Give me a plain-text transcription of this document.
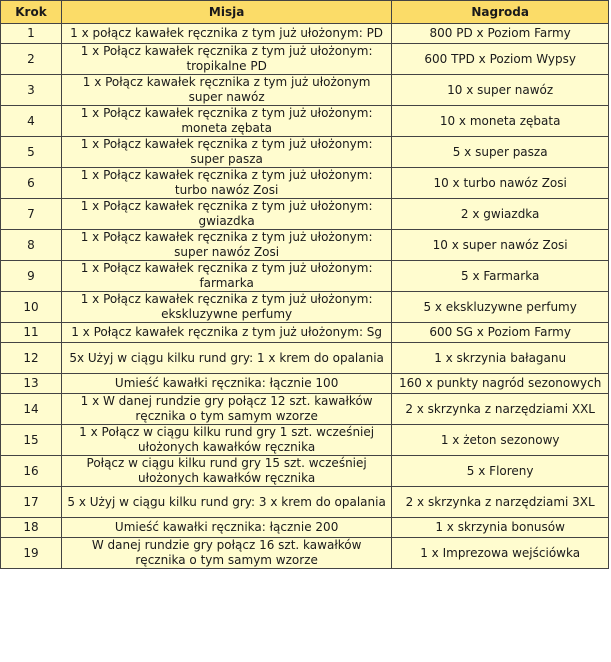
Krok	Misja	Nagroda
1	1 x połącz kawałek ręcznika z tym już ułożonym: PD	800 PD x Poziom Farmy
2	1 x Połącz kawałek ręcznika z tym już ułożonym: tropikalne PD	600 TPD x Poziom Wypsy
3	1 x Połącz kawałek ręcznika z tym już ułożonym super nawóz	10 x super nawóz
4	1 x Połącz kawałek ręcznika z tym już ułożonym: moneta zębata	10 x moneta zębata
5	1 x Połącz kawałek ręcznika z tym już ułożonym: super pasza	5 x super pasza
6	1 x Połącz kawałek ręcznika z tym już ułożonym: turbo nawóz Zosi	10 x turbo nawóz Zosi
7	1 x Połącz kawałek ręcznika z tym już ułożonym: gwiazdka	2 x gwiazdka
8	1 x Połącz kawałek ręcznika z tym już ułożonym: super nawóz Zosi	10 x super nawóz Zosi
9	1 x Połącz kawałek ręcznika z tym już ułożonym: farmarka	5 x Farmarka
10	1 x Połącz kawałek ręcznika z tym już ułożonym: ekskluzywne perfumy	5 x ekskluzywne perfumy
11	1 x Połącz kawałek ręcznika z tym już ułożonym: Sg	600 SG x Poziom Farmy
12	5x Użyj w ciągu kilku rund gry: 1 x krem do opalania	1 x skrzynia bałaganu
13	Umieść kawałki ręcznika: łącznie 100	160 x punkty nagród sezonowych
14	1 x W danej rundzie gry połącz 12 szt. kawałków ręcznika o tym samym wzorze	2 x skrzynka z narzędziami XXL
15	1 x Połącz w ciągu kilku rund gry 1 szt. wcześniej ułożonych kawałków ręcznika	1 x żeton sezonowy
16	Połącz w ciągu kilku rund gry 15 szt. wcześniej ułożonych kawałków ręcznika	5 x Floreny
17	5 x Użyj w ciągu kilku rund gry: 3 x krem do opalania	2 x skrzynka z narzędziami 3XL
18	Umieść kawałki ręcznika: łącznie 200	1 x skrzynia bonusów
19	W danej rundzie gry połącz 16 szt. kawałków ręcznika o tym samym wzorze	1 x Imprezowa wejściówka
